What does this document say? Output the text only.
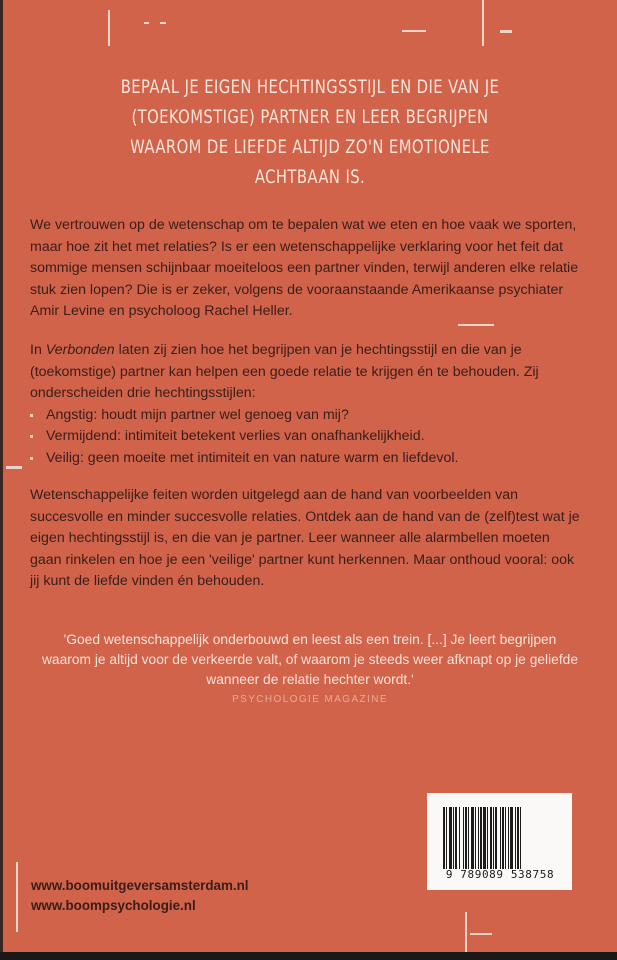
BEPAAL JE EIGEN HECHTINGSSTIJL EN DIE VAN JE (TOEKOMSTIGE) PARTNER EN LEER BEGRIJPEN WAAROM DE LIEFDE ALTIJD ZO'N EMOTIONELE ACHTBAAN IS.

We vertrouwen op de wetenschap om te bepalen wat we eten en hoe vaak we sporten, maar hoe zit het met relaties? Is er een wetenschappelijke verklaring voor het feit dat sommige mensen schijnbaar moeiteloos een partner vinden, terwijl anderen elke relatie stuk zien lopen? Die is er zeker, volgens de vooraanstaande Amerikaanse psychiater Amir Levine en psycholoog Rachel Heller.

In Verbonden laten zij zien hoe het begrijpen van je hechtingsstijl en die van je (toekomstige) partner kan helpen een goede relatie te krijgen én te behouden. Zij onderscheiden drie hechtingsstijlen:
Angstig: houdt mijn partner wel genoeg van mij?
Vermijdend: intimiteit betekent verlies van onafhankelijkheid.
Veilig: geen moeite met intimiteit en van nature warm en liefdevol.

Wetenschappelijke feiten worden uitgelegd aan de hand van voorbeelden van succesvolle en minder succesvolle relaties. Ontdek aan de hand van de (zelf)test wat je eigen hechtingsstijl is, en die van je partner. Leer wanneer alle alarmbellen moeten gaan rinkelen en hoe je een 'veilige' partner kunt herkennen. Maar onthoud vooral: ook jij kunt de liefde vinden én behouden.

'Goed wetenschappelijk onderbouwd en leest als een trein. [...] Je leert begrijpen waarom je altijd voor de verkeerde valt, of waarom je steeds weer afknapt op je geliefde wanneer de relatie hechter wordt.'
PSYCHOLOGIE MAGAZINE
www.boomuitgeversamsterdam.nl
www.boompsychologie.nl
9 789089 538758
